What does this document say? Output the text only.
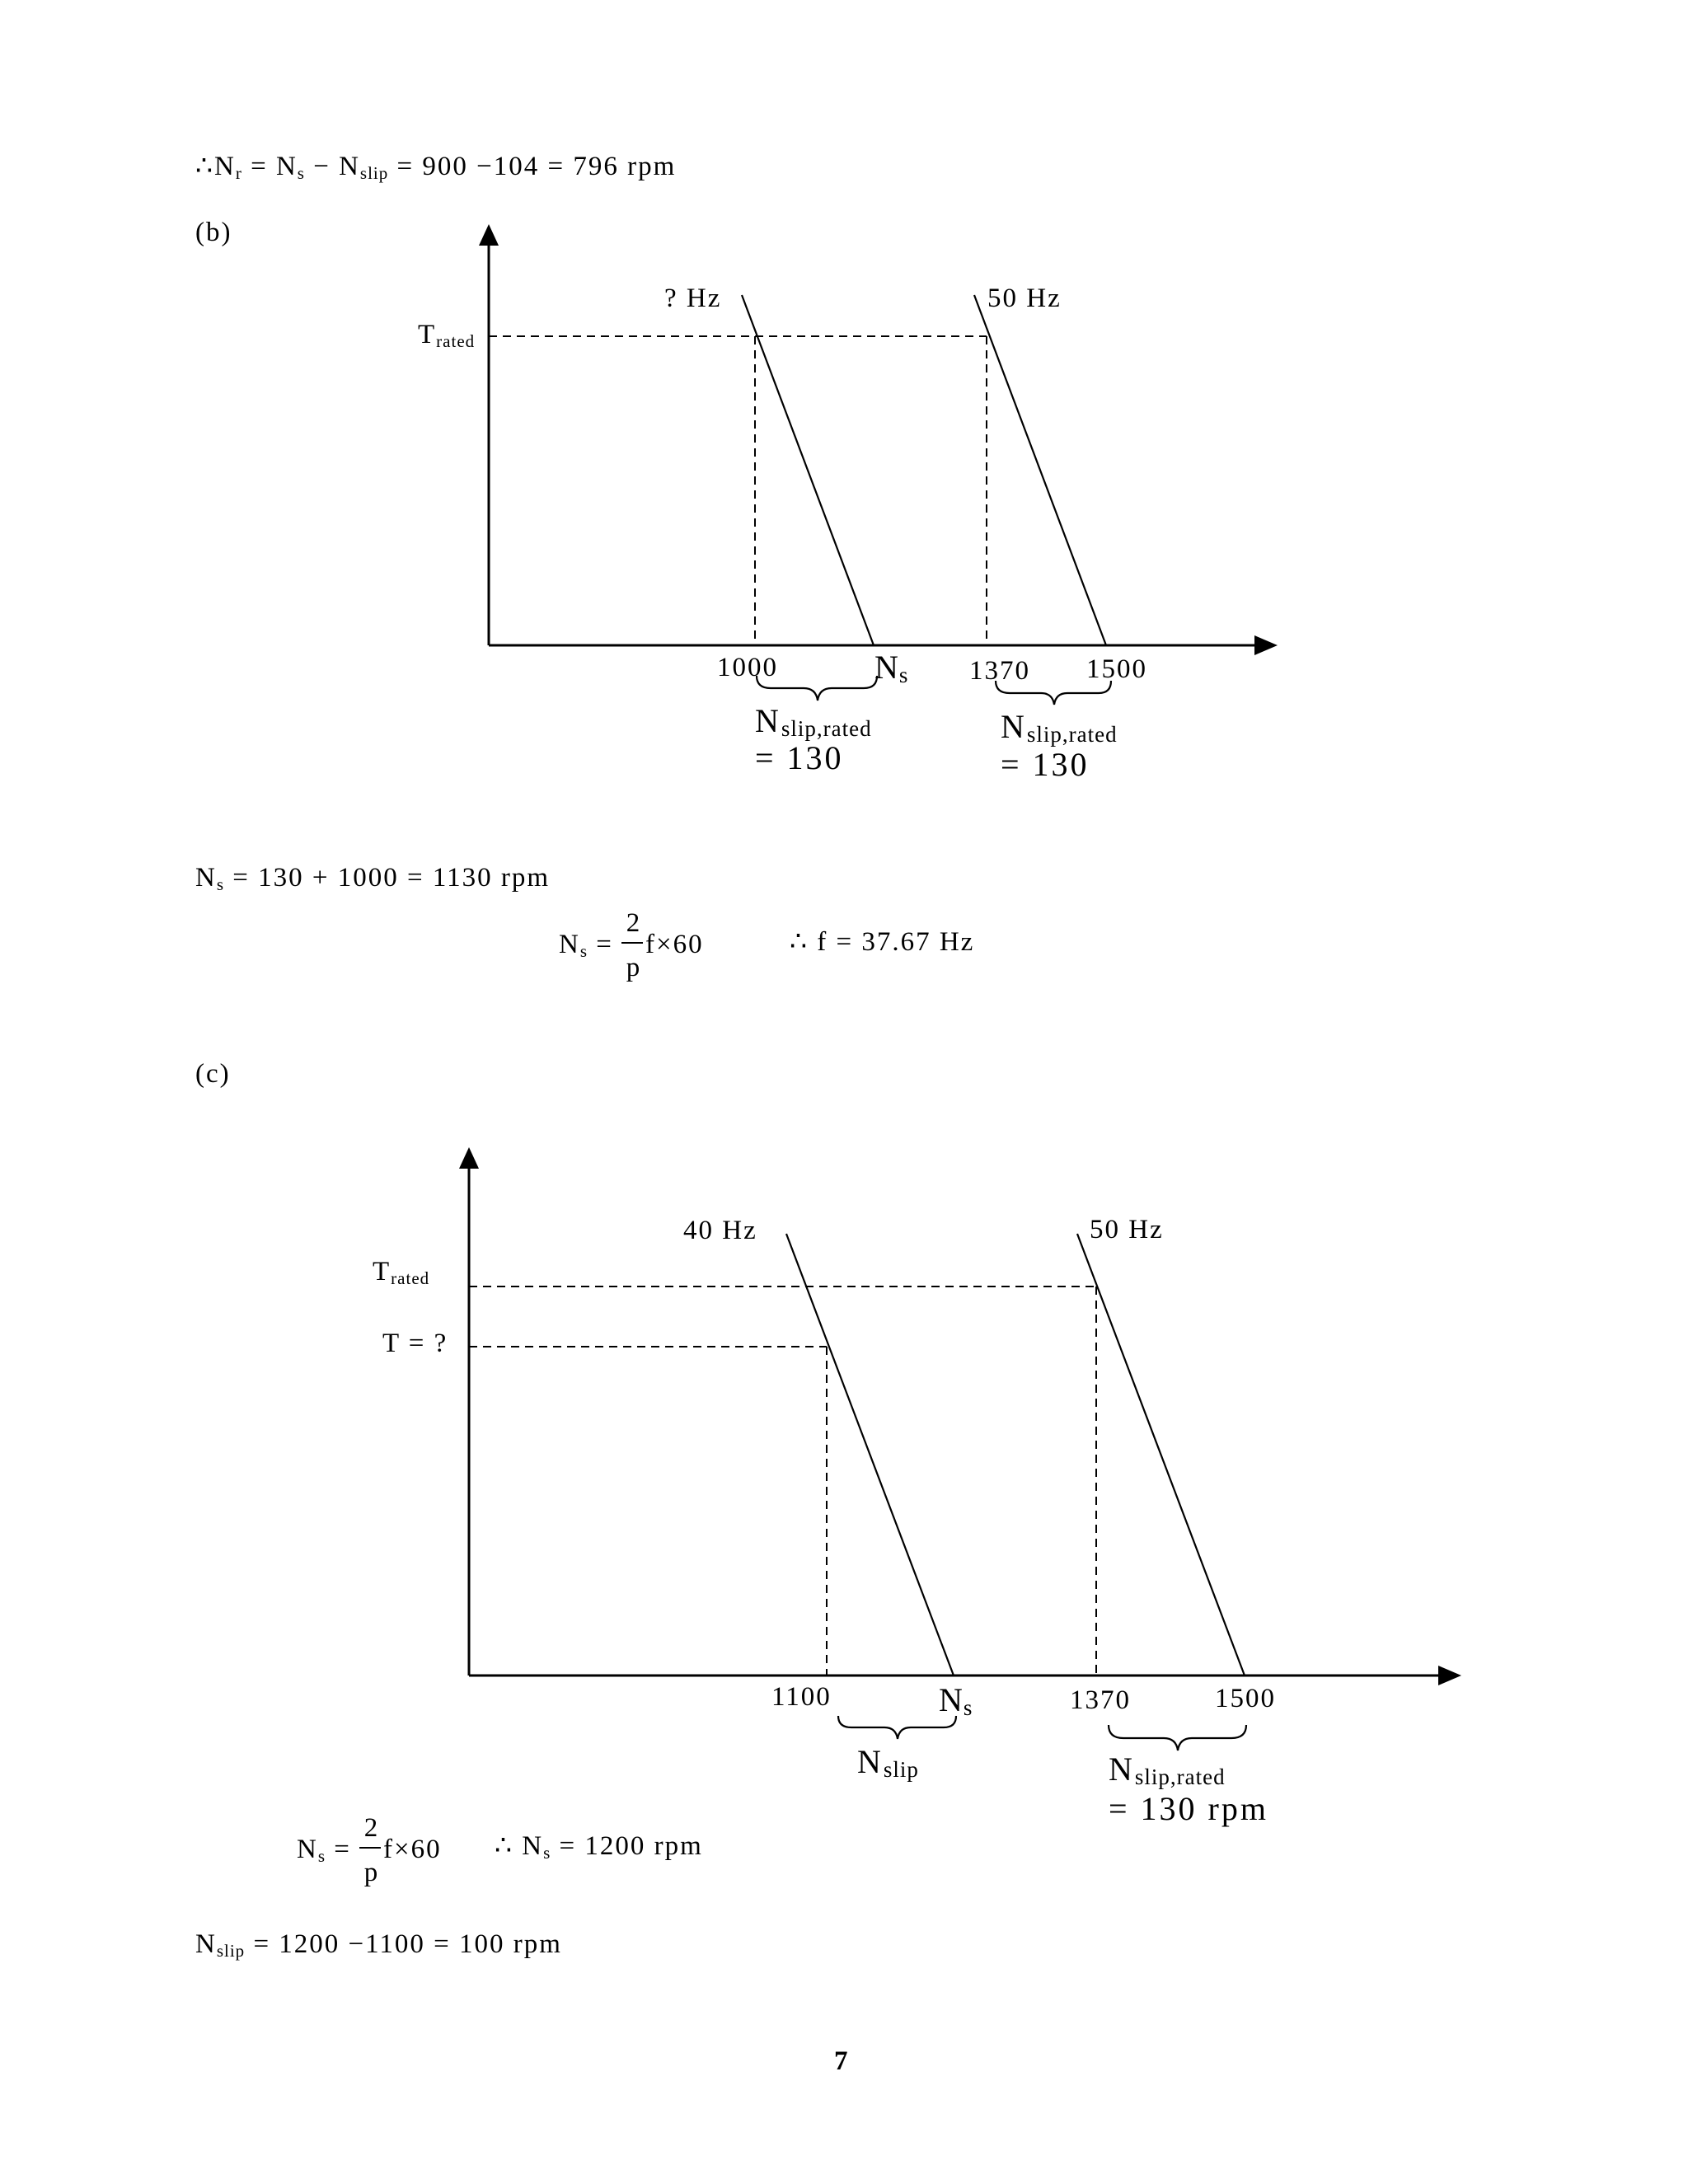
$\therefore N_r = N_s - N_{slip} = 900 -104 = 796$ rpm
(b)
$T_{rated}$
? Hz	50 Hz
1000	Ns 1370 1500
Nslip,rated
= 130
Nslip,rated
= 130
$N_s = 130 + 1000 = 1130$ rpm
$N_s$ =
2
p
f×60	∴ f = 37.67 Hz
(c)
$T_{rated}$
T = ?
40 Hz	50 Hz
1100	Ns	1370	1500
Nslip	Nslip,rated
= 130 rpm
$N_s$ =
2
p
f×60 ∴ $N_s = 1200$ rpm
$N_{slip} = 1200 -1100 = 100$ rpm
7
